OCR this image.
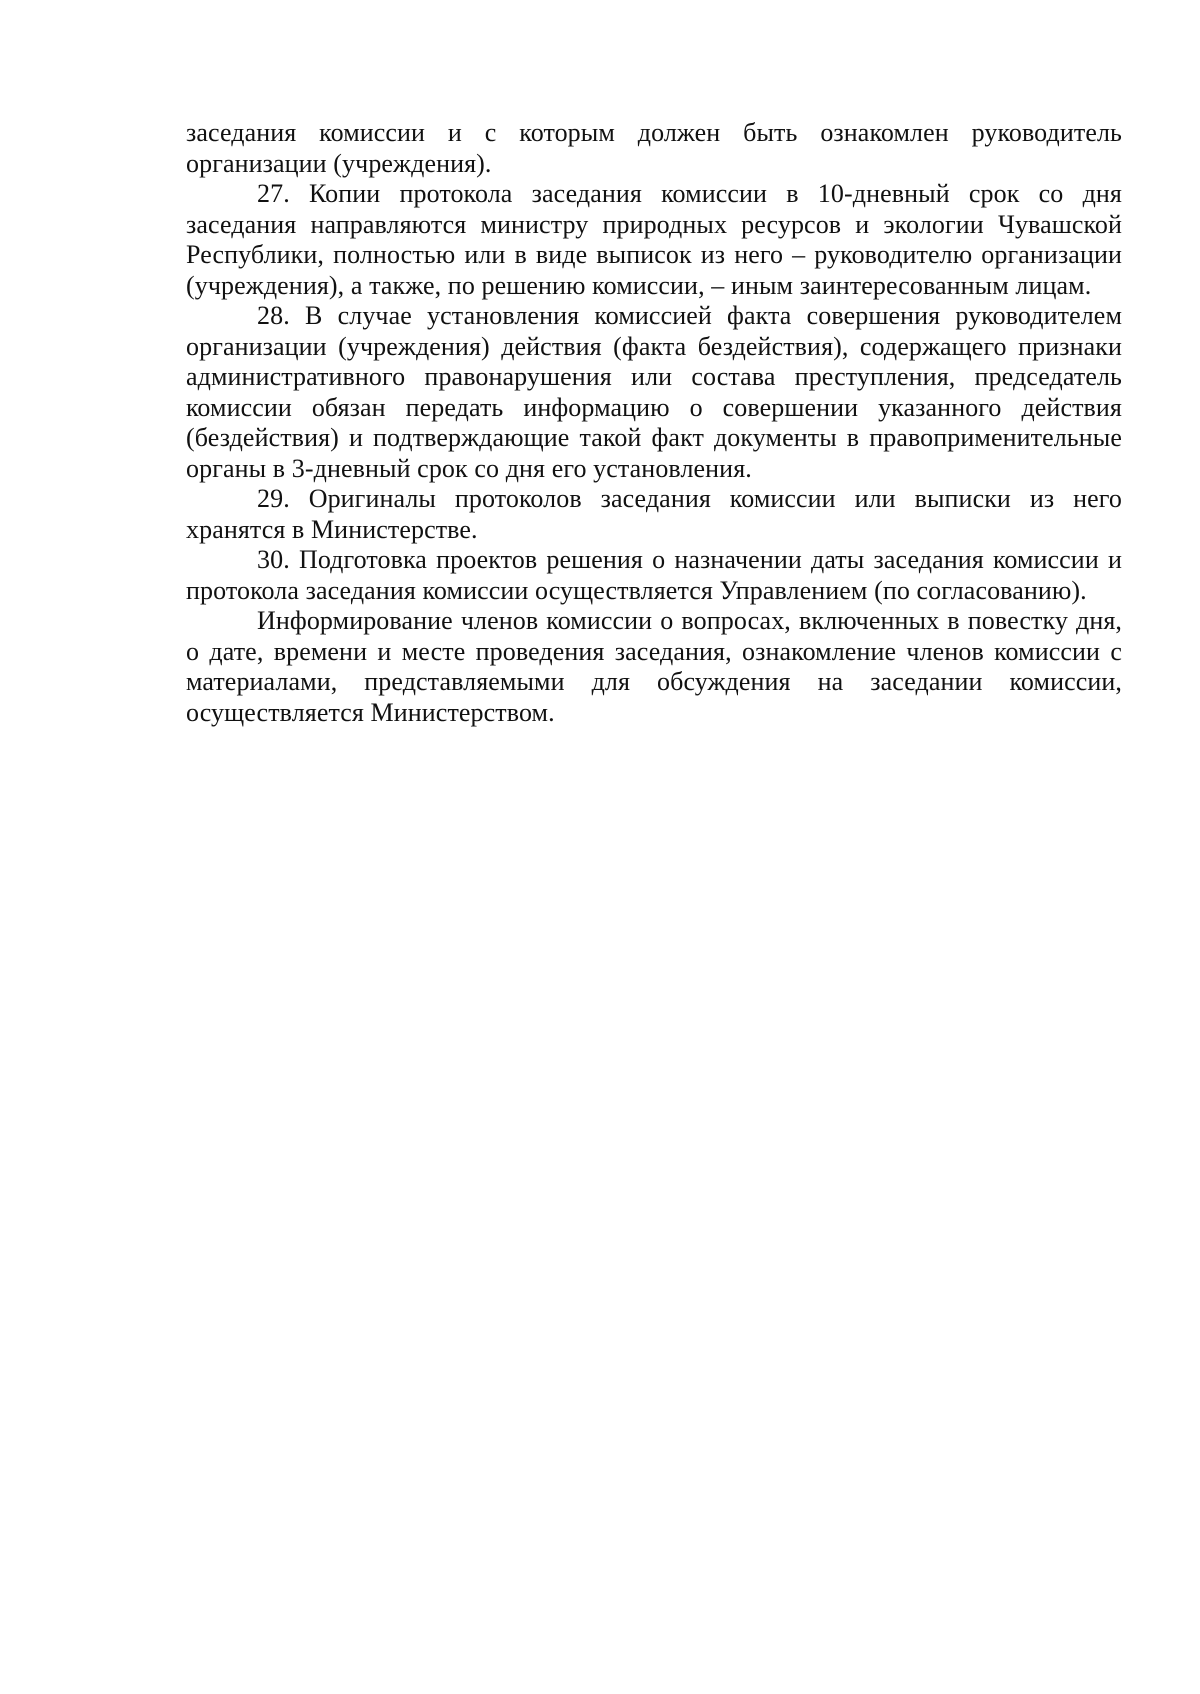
заседания комиссии и с которым должен быть ознакомлен руководитель организации (учреждения).

27. Копии протокола заседания комиссии в 10-дневный срок со дня заседания направляются министру природных ресурсов и экологии Чувашской Республики, полностью или в виде выписок из него – руководителю организации (учреждения), а также, по решению комиссии, – иным заинтересованным лицам.

28. В случае установления комиссией факта совершения руководителем организации (учреждения) действия (факта бездействия), содержащего признаки административного правонарушения или состава преступления, председатель комиссии обязан передать информацию о совершении указанного действия (бездействия) и подтверждающие такой факт документы в правоприменительные органы в 3-дневный срок со дня его установления.

29. Оригиналы протоколов заседания комиссии или выписки из него хранятся в Министерстве.

30. Подготовка проектов решения о назначении даты заседания комиссии и протокола заседания комиссии осуществляется Управлением (по согласованию).

Информирование членов комиссии о вопросах, включенных в повестку дня, о дате, времени и месте проведения заседания, ознакомление членов комиссии с материалами, представляемыми для обсуждения на заседании комиссии, осуществляется Министерством.
